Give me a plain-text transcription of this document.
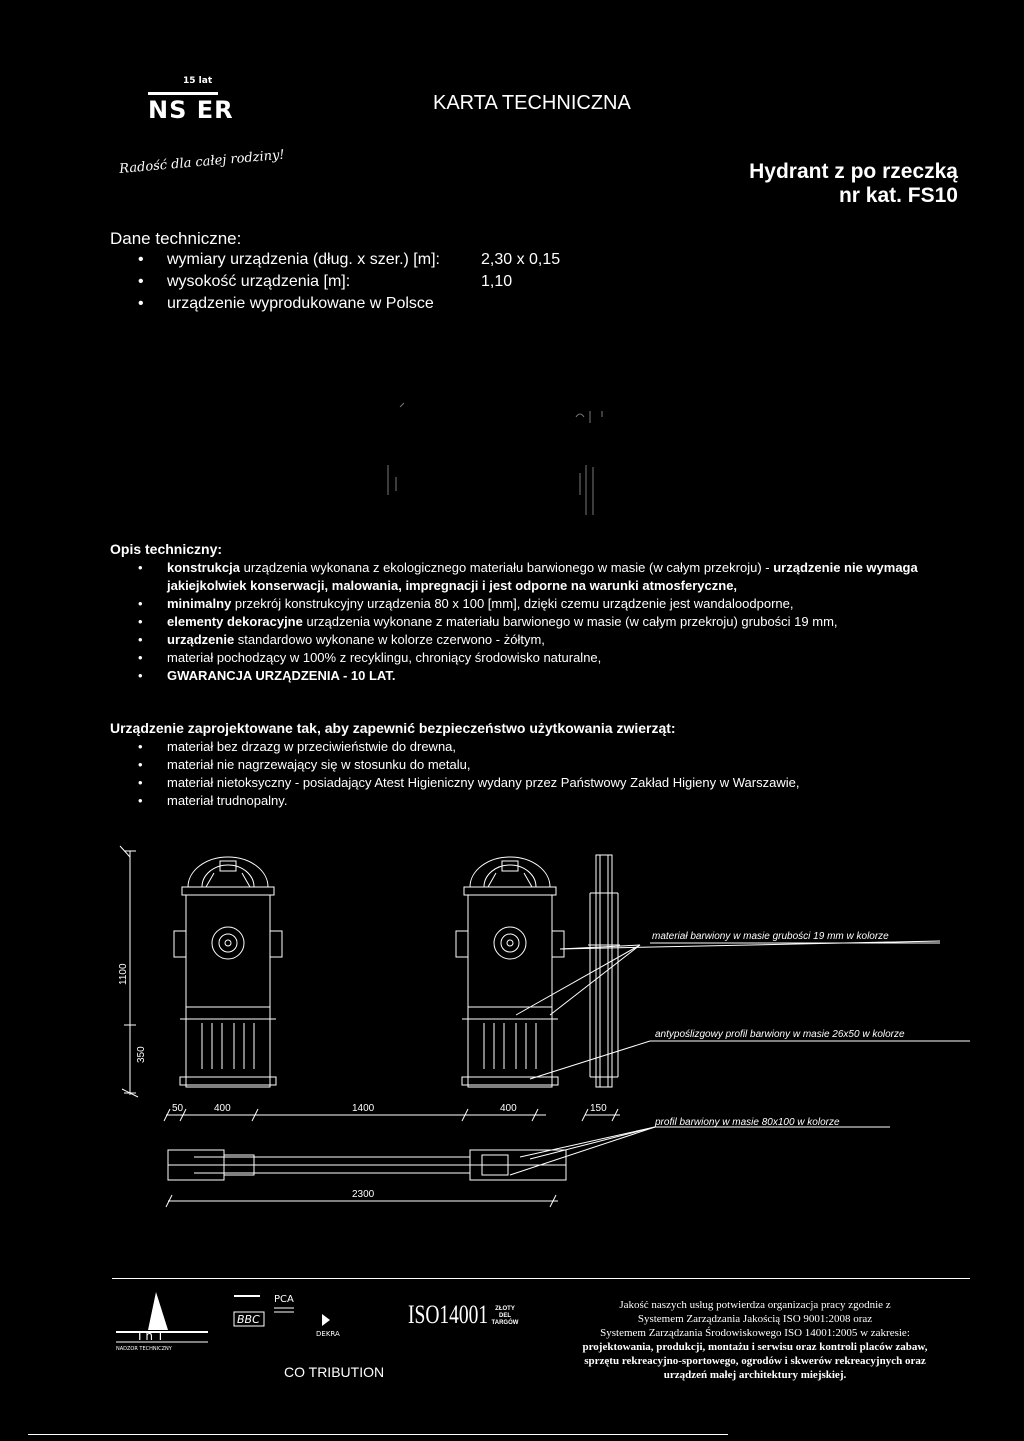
15 lat
NS ER	KARTA TECHNICZNA
Radość dla całej rodziny!	Hydrant z po rzeczką
nr kat. FS10
Dane techniczne:
• wymiary urządzenia (dług. x szer.) [m]:	2,30 x 0,15
• wysokość urządzenia [m]:	1,10
• urządzenie wyprodukowane w Polsce
Opis techniczny:
• konstrukcja urządzenia wykonana z ekologicznego materiału barwionego w masie (w całym przekroju) - urządzenie nie wymaga jakiejkolwiek konserwacji, malowania, impregnacji i jest odporne na warunki atmosferyczne,
• minimalny przekrój konstrukcyjny urządzenia 80 x 100 [mm], dzięki czemu urządzenie jest wandaloodporne,
• elementy dekoracyjne urządzenia wykonane z materiału barwionego w masie (w całym przekroju) grubości 19 mm,
• urządzenie standardowo wykonane w kolorze czerwono - żółtym,
• materiał pochodzący w 100% z recyklingu, chroniący środowisko naturalne,
• GWARANCJA URZĄDZENIA - 10 LAT.
Urządzenie zaprojektowane tak, aby zapewnić bezpieczeństwo użytkowania zwierząt:
• materiał bez drzazg w przeciwieństwie do drewna,
• materiał nie nagrzewający się w stosunku do metalu,
• materiał nietoksyczny - posiadający Atest Higieniczny wydany przez Państwowy Zakład Higieny w Warszawie,
• materiał trudnopalny.
1100
350
50	400	1400	400	150
2300
materiał barwiony w masie grubości 19 mm w kolorze
antypoślizgowy profil barwiony w masie 26x50 w kolorze
profil barwiony w masie 80x100 w kolorze
I n T
NADZOR TECHNICZNY
BBC
PCA
DEKRA
ISO14001	ZŁOTY DEL TARGÓW
CO TRIBUTION
Jakość naszych usług potwierdza organizacja pracy zgodnie z
Systemem Zarządzania Jakością ISO 9001:2008 oraz
Systemem Zarządzania Środowiskowego ISO 14001:2005 w zakresie:
projektowania, produkcji, montażu i serwisu oraz kontroli placów zabaw,
sprzętu rekreacyjno-sportowego, ogrodów i skwerów rekreacyjnych oraz
urządzeń małej architektury miejskiej.
